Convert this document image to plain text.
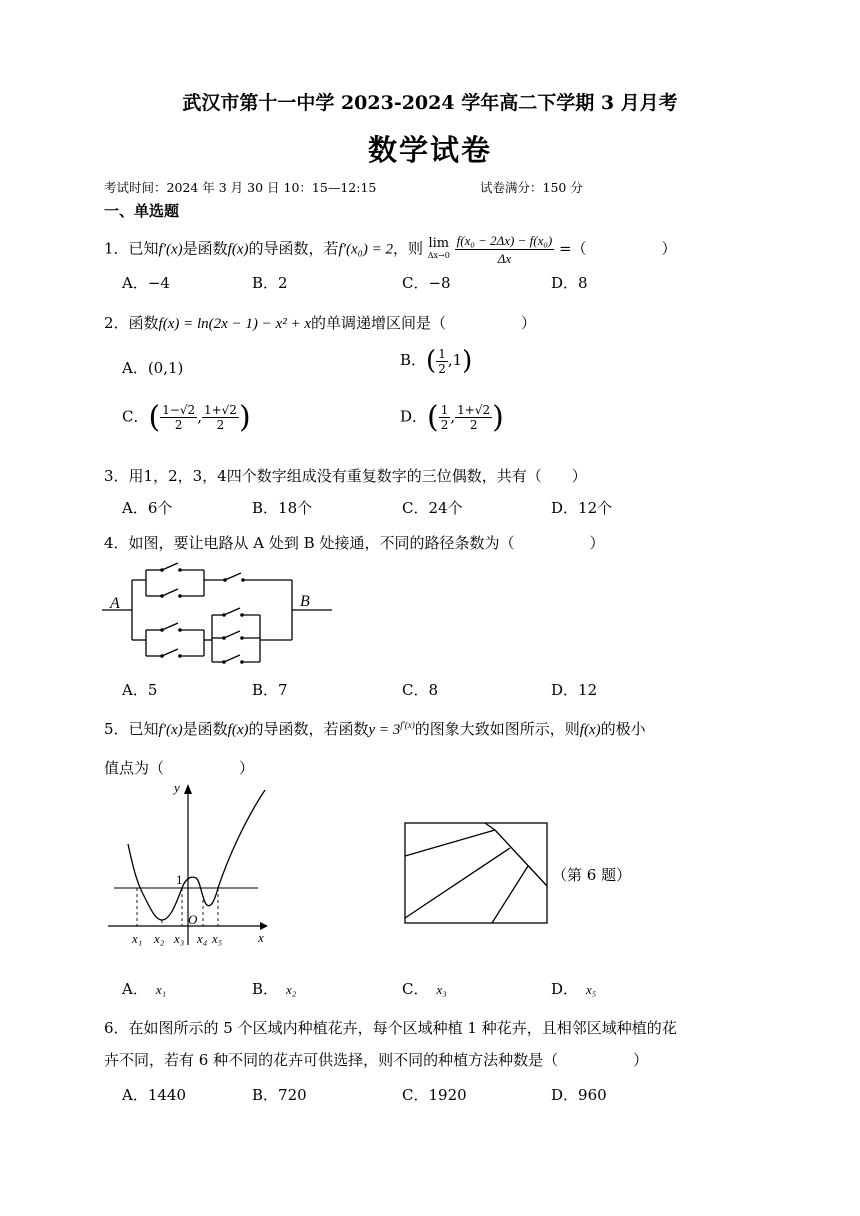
武汉市第十一中学 2023-2024 学年高二下学期 3 月月考
数学试卷
考试时间：2024 年 3 月 30 日 10：15—12:15	试卷满分：150 分
一、单选题
1．已知f′(x)是函数f(x)的导函数，若f′(x₀) = 2，则 lim
Δx→0
$\frac{\text{f(x₀ − 2Δx) − f(x₀)}}{\Delta x}$ =（　　　　　）
A．−4	B．2	C．−8	D．8
2．函数f(x) = ln(2x − 1) − x² + x的单调递增区间是（　　　　　）
A．(0,1)	B．( $\frac{1}{2} ,1$)
C．( $\frac{1-√2}{2}$ , $\frac{1+√2}{2}$ )	D．( $\frac{1}{2}$ , $\frac{1+√2}{2}$ )
3．用1，2，3，4四个数字组成没有重复数字的三位偶数，共有（　　）
A．6个	B．18个	C．24个	D．12个
4．如图，要让电路从 A 处到 B 处接通，不同的路径条数为（　　　　　）
A	B
A．5	B．7	C．8	D．12
5．已知f′(x)是函数f(x)的导函数，若函数$y = 3^{f'(x)}$的图象大致如图所示，则f(x)的极小
值点为（　　　　　）
y
x
1
O
x₁ x₂ x₃ x₄ x₅
（第 6 题）
A． x₁	B． x₂	C． x₃	D． x₅
6．在如图所示的 5 个区域内种植花卉，每个区域种植 1 种花卉，且相邻区域种植的花
卉不同，若有 6 种不同的花卉可供选择，则不同的种植方法种数是（　　　　　）
A．1440	B．720	C．1920	D．960
